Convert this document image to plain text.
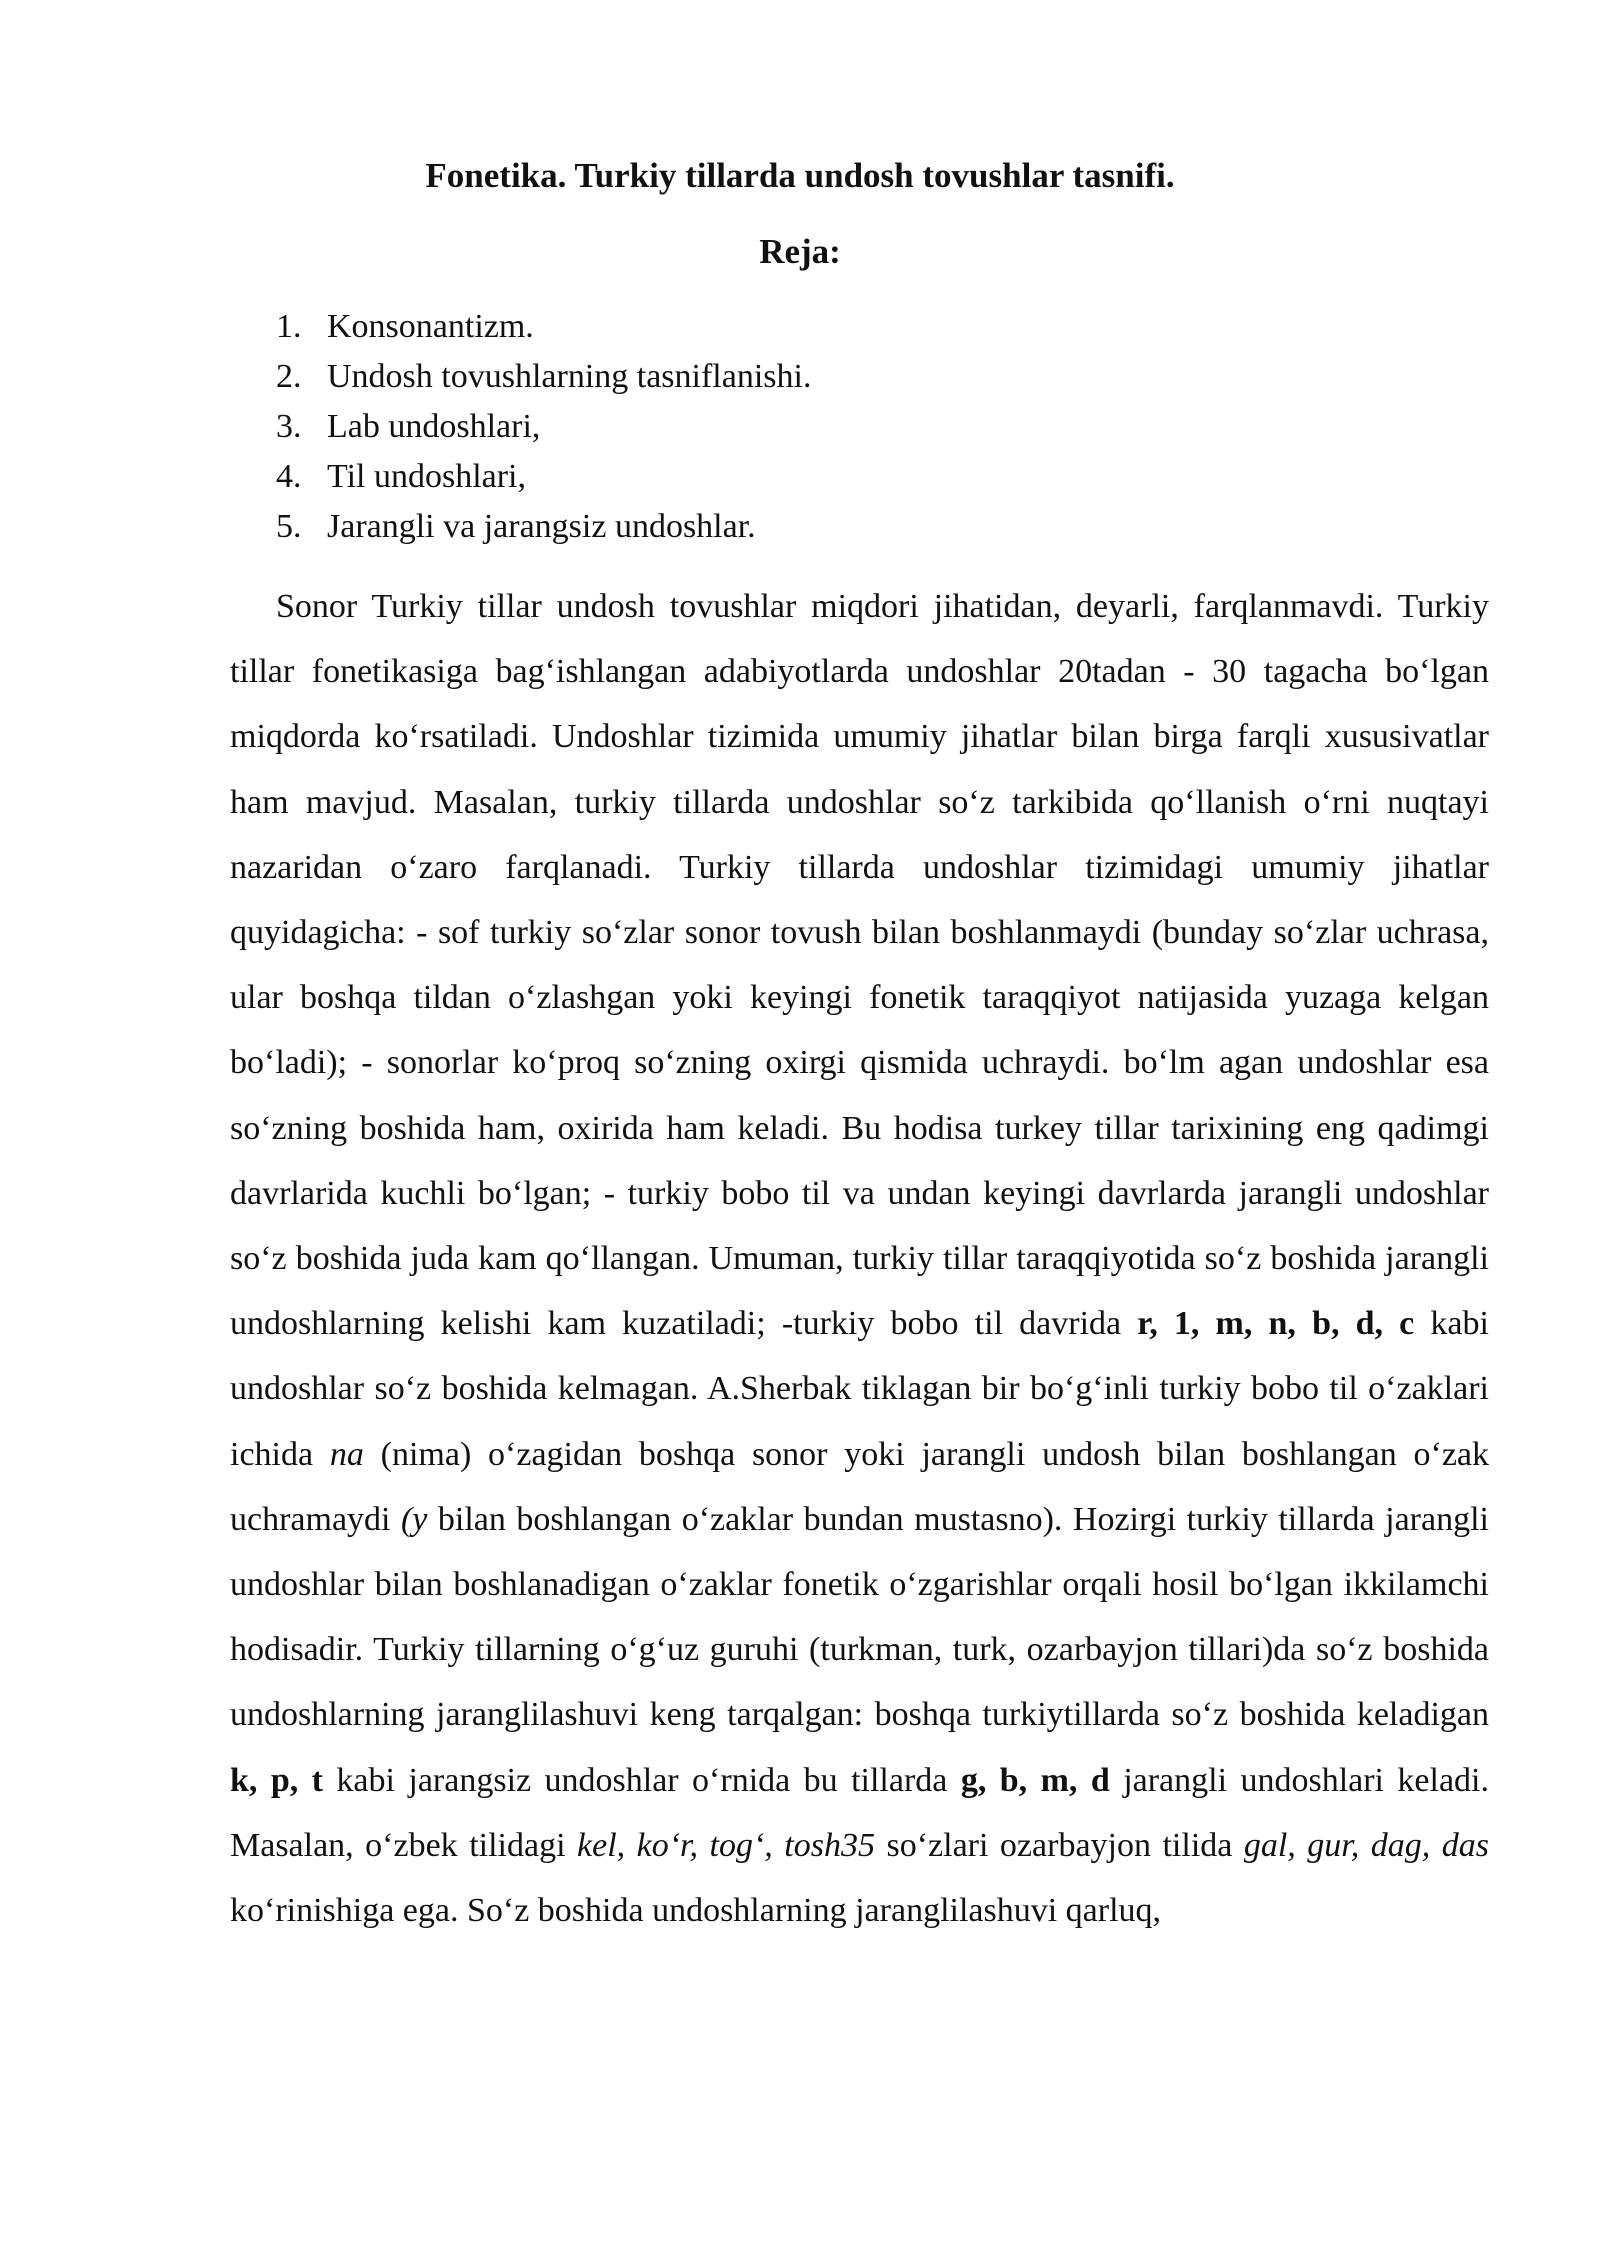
Fonetika. Turkiy tillarda undosh tovushlar tasnifi.
Reja:
1. Konsonantizm.
2. Undosh tovushlarning tasniflanishi.
3. Lab undoshlari,
4. Til undoshlari,
5. Jarangli va jarangsiz undoshlar.

Sonor Turkiy tillar undosh tovushlar miqdori jihatidan, deyarli, farqlanmavdi. Turkiy tillar fonetikasiga bag‘ishlangan adabiyotlarda undoshlar 20tadan - 30 tagacha bo‘lgan miqdorda ko‘rsatiladi. Undoshlar tizimida umumiy jihatlar bilan birga farqli xususivatlar ham mavjud. Masalan, turkiy tillarda undoshlar so‘z tarkibida qo‘llanish o‘rni nuqtayi nazaridan o‘zaro farqlanadi. Turkiy tillarda undoshlar tizimidagi umumiy jihatlar quyidagicha: - sof turkiy so‘zlar sonor tovush bilan boshlanmaydi (bunday so‘zlar uchrasa, ular boshqa tildan o‘zlashgan yoki keyingi fonetik taraqqiyot natijasida yuzaga kelgan bo‘ladi); - sonorlar ko‘proq so‘zning oxirgi qismida uchraydi. bo‘lm agan undoshlar esa so‘zning boshida ham, oxirida ham keladi. Bu hodisa turkey tillar tarixining eng qadimgi davrlarida kuchli bo‘lgan; - turkiy bobo til va undan keyingi davrlarda jarangli undoshlar so‘z boshida juda kam qo‘llangan. Umuman, turkiy tillar taraqqiyotida so‘z boshida jarangli undoshlarning kelishi kam kuzatiladi; -turkiy bobo til davrida r, 1, m, n, b, d, c kabi undoshlar so‘z boshida kelmagan. A.Sherbak tiklagan bir bo‘g‘inli turkiy bobo til o‘zaklari ichida na (nima) o‘zagidan boshqa sonor yoki jarangli undosh bilan boshlangan o‘zak uchramaydi (y bilan boshlangan o‘zaklar bundan mustasno). Hozirgi turkiy tillarda jarangli undoshlar bilan boshlanadigan o‘zaklar fonetik o‘zgarishlar orqali hosil bo‘lgan ikkilamchi hodisadir. Turkiy tillarning o‘g‘uz guruhi (turkman, turk, ozarbayjon tillari)da so‘z boshida undoshlarning jaranglilashuvi keng tarqalgan: boshqa turkiytillarda so‘z boshida keladigan k, p, t kabi jarangsiz undoshlar o‘rnida bu tillarda g, b, m, d jarangli undoshlari keladi. Masalan, o‘zbek tilidagi kel, ko‘r, tog‘, tosh35 so‘zlari ozarbayjon tilida gal, gur, dag, das ko‘rinishiga ega. So‘z boshida undoshlarning jaranglilashuvi qarluq,
